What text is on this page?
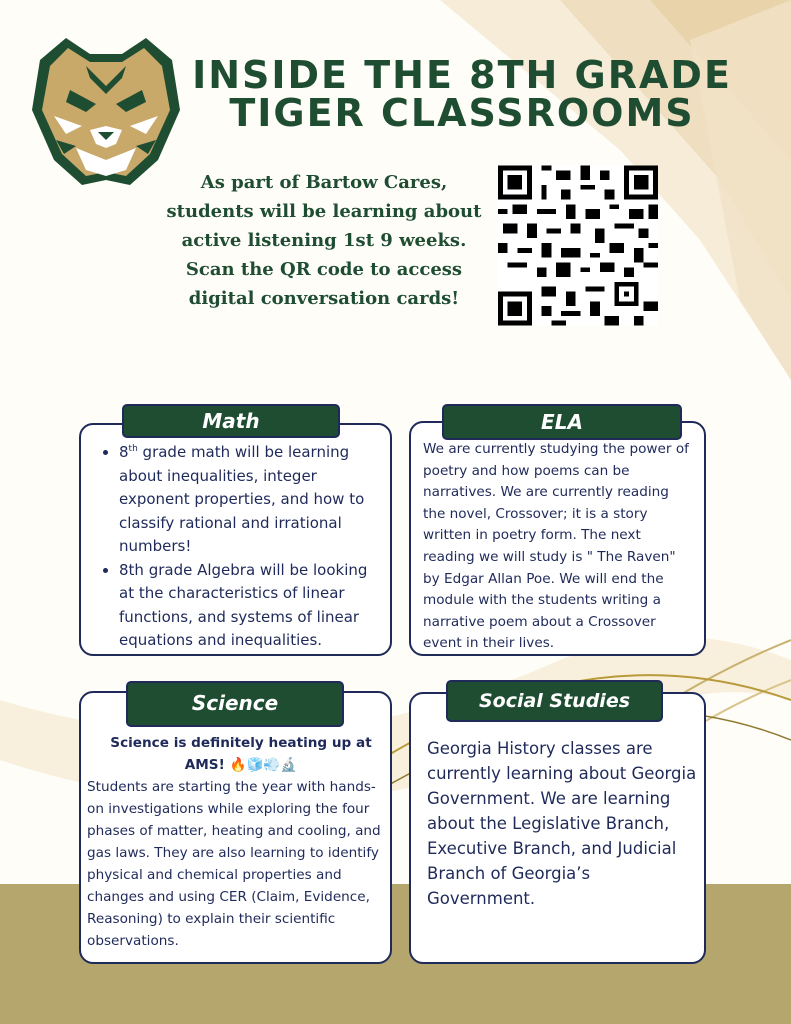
INSIDE THE 8TH GRADE
TIGER CLASSROOMS
As part of Bartow Cares,
students will be learning about
active listening 1st 9 weeks.
Scan the QR code to access
digital conversation cards!
• 8th grade math will be learning about inequalities, integer exponent properties, and how to classify rational and irrational numbers!
• 8th grade Algebra will be looking at the characteristics of linear functions, and systems of linear equations and inequalities.
Math
We are currently studying the power of poetry and how poems can be narratives. We are currently reading the novel, Crossover; it is a story written in poetry form. The next reading we will study is " The Raven" by Edgar Allan Poe. We will end the module with the students writing a narrative poem about a Crossover event in their lives.
ELA
Science is definitely heating up at AMS! 🔥🧊💨🔬
Students are starting the year with hands-on investigations while exploring the four phases of matter, heating and cooling, and gas laws. They are also learning to identify physical and chemical properties and changes and using CER (Claim, Evidence, Reasoning) to explain their scientific observations.
Science
Georgia History classes are currently learning about Georgia Government. We are learning about the Legislative Branch, Executive Branch, and Judicial Branch of Georgia’s Government.
Social Studies
